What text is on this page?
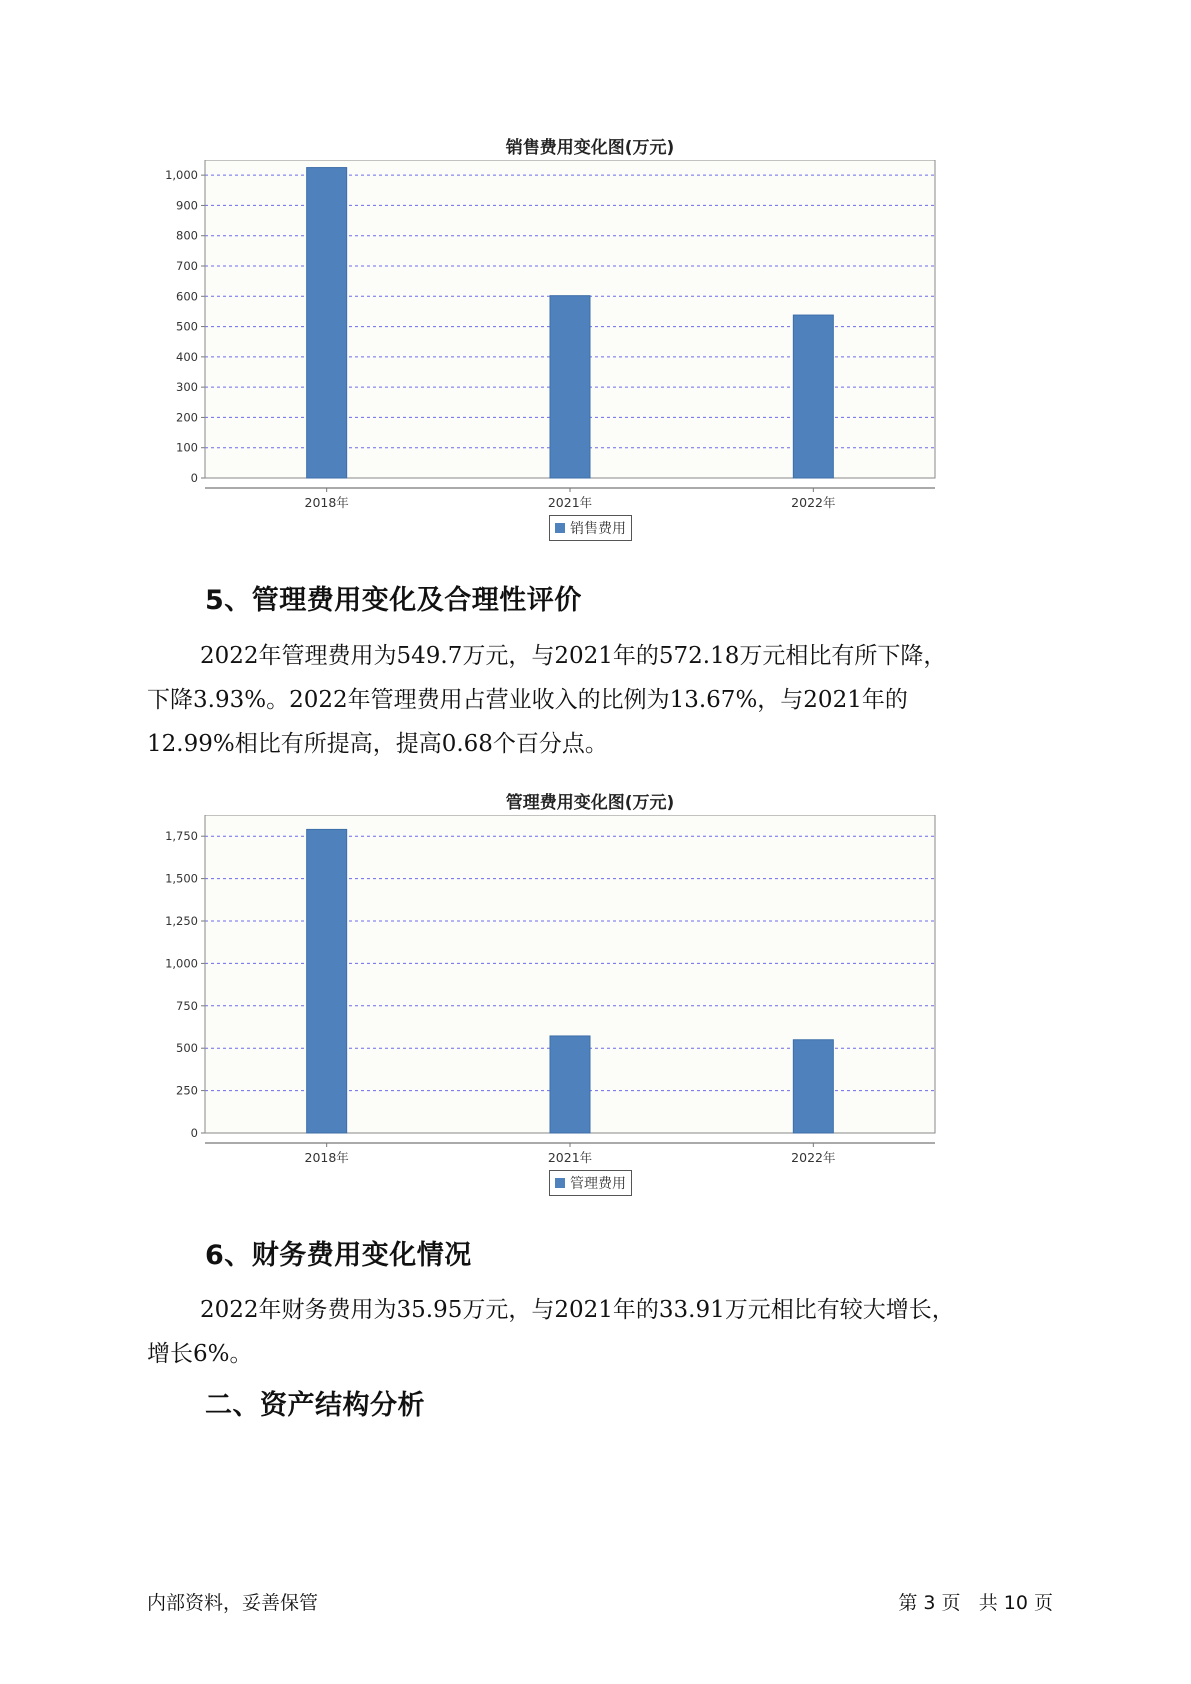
销售费用变化图(万元)
0
100
200
300
400
500
600
700
800
900
1,000
2018年	2021年	2022年
销售费用
5、管理费用变化及合理性评价
2022年管理费用为549.7万元，与2021年的572.18万元相比有所下降，
下降3.93%。2022年管理费用占营业收入的比例为13.67%，与2021年的
12.99%相比有所提高，提高0.68个百分点。
管理费用变化图(万元)
0
250
500
750
1,000
1,250
1,500
1,750
2018年	2021年	2022年
管理费用
6、财务费用变化情况
2022年财务费用为35.95万元，与2021年的33.91万元相比有较大增长，
增长6%。
二、资产结构分析
内部资料，妥善保管	第 3 页 共 10 页
